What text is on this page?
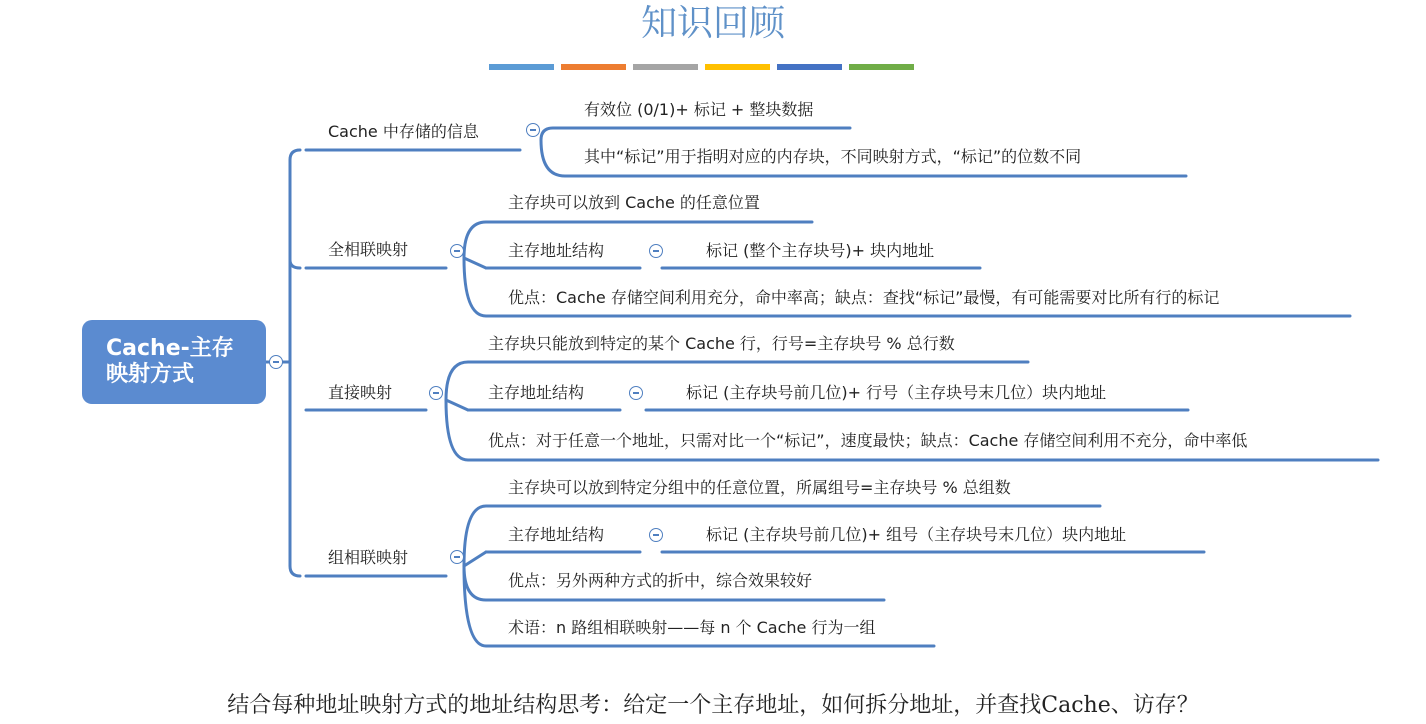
知识回顾
Cache-主存
映射方式
Cache 中存储的信息
有效位 (0/1)+ 标记 + 整块数据
其中“标记”用于指明对应的内存块，不同映射方式，“标记”的位数不同
全相联映射
主存块可以放到 Cache 的任意位置
主存地址结构	标记 (整个主存块号)+ 块内地址
优点：Cache 存储空间利用充分，命中率高；缺点：查找“标记”最慢，有可能需要对比所有行的标记
直接映射
主存块只能放到特定的某个 Cache 行，行号=主存块号 % 总行数
主存地址结构	标记 (主存块号前几位)+ 行号（主存块号末几位）块内地址
优点：对于任意一个地址，只需对比一个“标记”，速度最快；缺点：Cache 存储空间利用不充分，命中率低
组相联映射
主存块可以放到特定分组中的任意位置，所属组号=主存块号 % 总组数
主存地址结构	标记 (主存块号前几位)+ 组号（主存块号末几位）块内地址
优点：另外两种方式的折中，综合效果较好
术语：n 路组相联映射——每 n 个 Cache 行为一组
结合每种地址映射方式的地址结构思考：给定一个主存地址，如何拆分地址，并查找Cache、访存？
